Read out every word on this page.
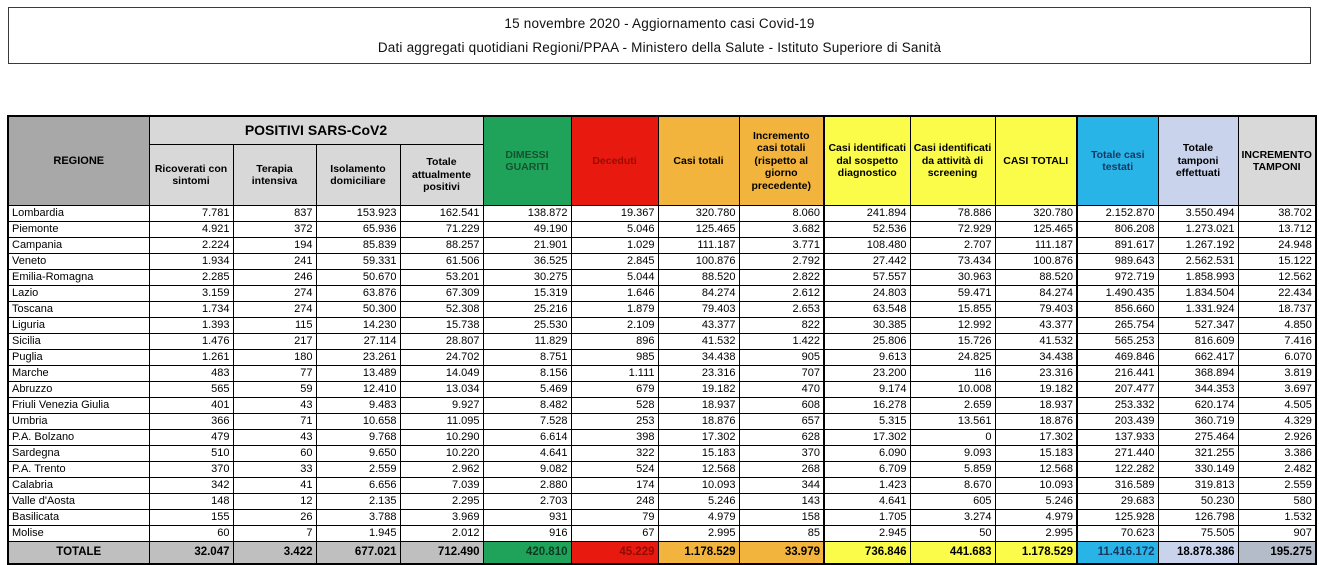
15 novembre 2020 - Aggiornamento casi Covid-19
Dati aggregati quotidiani Regioni/PPAA - Ministero della Salute - Istituto Superiore di Sanità
REGIONE	POSITIVI SARS-CoV2				DIMESSI GUARITI	Deceduti	Casi totali	Incremento casi totali (rispetto al giorno precedente)	Casi identificati dal sospetto diagnostico	Casi identificati da attività di screening	CASI TOTALI	Totale casi testati	Totale tamponi effettuati	INCREMENTO TAMPONI
	Ricoverati con sintomi	Terapia intensiva	Isolamento domiciliare	Totale attualmente positivi										
Lombardia	7.781	837	153.923	162.541	138.872	19.367	320.780	8.060	241.894	78.886	320.780	2.152.870	3.550.494	38.702
Piemonte	4.921	372	65.936	71.229	49.190	5.046	125.465	3.682	52.536	72.929	125.465	806.208	1.273.021	13.712
Campania	2.224	194	85.839	88.257	21.901	1.029	111.187	3.771	108.480	2.707	111.187	891.617	1.267.192	24.948
Veneto	1.934	241	59.331	61.506	36.525	2.845	100.876	2.792	27.442	73.434	100.876	989.643	2.562.531	15.122
Emilia-Romagna	2.285	246	50.670	53.201	30.275	5.044	88.520	2.822	57.557	30.963	88.520	972.719	1.858.993	12.562
Lazio	3.159	274	63.876	67.309	15.319	1.646	84.274	2.612	24.803	59.471	84.274	1.490.435	1.834.504	22.434
Toscana	1.734	274	50.300	52.308	25.216	1.879	79.403	2.653	63.548	15.855	79.403	856.660	1.331.924	18.737
Liguria	1.393	115	14.230	15.738	25.530	2.109	43.377	822	30.385	12.992	43.377	265.754	527.347	4.850
Sicilia	1.476	217	27.114	28.807	11.829	896	41.532	1.422	25.806	15.726	41.532	565.253	816.609	7.416
Puglia	1.261	180	23.261	24.702	8.751	985	34.438	905	9.613	24.825	34.438	469.846	662.417	6.070
Marche	483	77	13.489	14.049	8.156	1.111	23.316	707	23.200	116	23.316	216.441	368.894	3.819
Abruzzo	565	59	12.410	13.034	5.469	679	19.182	470	9.174	10.008	19.182	207.477	344.353	3.697
Friuli Venezia Giulia	401	43	9.483	9.927	8.482	528	18.937	608	16.278	2.659	18.937	253.332	620.174	4.505
Umbria	366	71	10.658	11.095	7.528	253	18.876	657	5.315	13.561	18.876	203.439	360.719	4.329
P.A. Bolzano	479	43	9.768	10.290	6.614	398	17.302	628	17.302	0	17.302	137.933	275.464	2.926
Sardegna	510	60	9.650	10.220	4.641	322	15.183	370	6.090	9.093	15.183	271.440	321.255	3.386
P.A. Trento	370	33	2.559	2.962	9.082	524	12.568	268	6.709	5.859	12.568	122.282	330.149	2.482
Calabria	342	41	6.656	7.039	2.880	174	10.093	344	1.423	8.670	10.093	316.589	319.813	2.559
Valle d'Aosta	148	12	2.135	2.295	2.703	248	5.246	143	4.641	605	5.246	29.683	50.230	580
Basilicata	155	26	3.788	3.969	931	79	4.979	158	1.705	3.274	4.979	125.928	126.798	1.532
Molise	60	7	1.945	2.012	916	67	2.995	85	2.945	50	2.995	70.623	75.505	907
TOTALE	32.047	3.422	677.021	712.490	420.810	45.229	1.178.529	33.979	736.846	441.683	1.178.529	11.416.172	18.878.386	195.275
